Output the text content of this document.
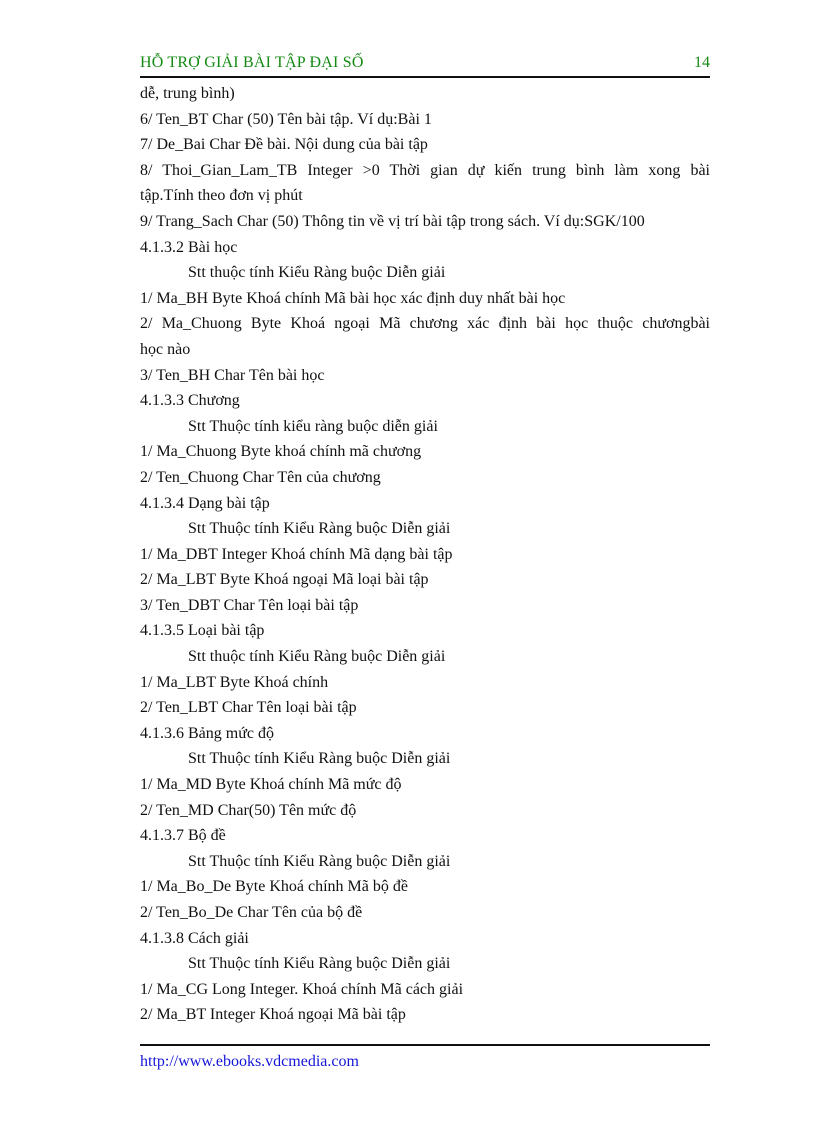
HỖ TRỢ GIẢI BÀI TẬP ĐẠI SỐ	14
dễ, trung bình)
6/ Ten_BT Char (50) Tên bài tập. Ví dụ:Bài 1
7/ De_Bai Char Đề bài. Nội dung của bài tập
8/ Thoi_Gian_Lam_TB Integer >0 Thời gian dự kiến trung bình làm xong bài
tập.Tính theo đơn vị phút
9/ Trang_Sach Char (50) Thông tin về vị trí bài tập trong sách. Ví dụ:SGK/100
4.1.3.2 Bài học
Stt thuộc tính Kiểu Ràng buộc Diễn giải
1/ Ma_BH Byte Khoá chính Mã bài học xác định duy nhất bài học
2/ Ma_Chuong Byte Khoá ngoại Mã chương xác định bài học thuộc chươngbài
học nào
3/ Ten_BH Char Tên bài học
4.1.3.3 Chương
Stt Thuộc tính kiểu ràng buộc diễn giải
1/ Ma_Chuong Byte khoá chính mã chương
2/ Ten_Chuong Char Tên của chương
4.1.3.4 Dạng bài tập
Stt Thuộc tính Kiểu Ràng buộc Diễn giải
1/ Ma_DBT Integer Khoá chính Mã dạng bài tập
2/ Ma_LBT Byte Khoá ngoại Mã loại bài tập
3/ Ten_DBT Char Tên loại bài tập
4.1.3.5 Loại bài tập
Stt thuộc tính Kiểu Ràng buộc Diễn giải
1/ Ma_LBT Byte Khoá chính
2/ Ten_LBT Char Tên loại bài tập
4.1.3.6 Bảng mức độ
Stt Thuộc tính Kiểu Ràng buộc Diễn giải
1/ Ma_MD Byte Khoá chính Mã mức độ
2/ Ten_MD Char(50) Tên mức độ
4.1.3.7 Bộ đề
Stt Thuộc tính Kiểu Ràng buộc Diễn giải
1/ Ma_Bo_De Byte Khoá chính Mã bộ đề
2/ Ten_Bo_De Char Tên của bộ đề
4.1.3.8 Cách giải
Stt Thuộc tính Kiểu Ràng buộc Diễn giải
1/ Ma_CG Long Integer. Khoá chính Mã cách giải
2/ Ma_BT Integer Khoá ngoại Mã bài tập
http://www.ebooks.vdcmedia.com
